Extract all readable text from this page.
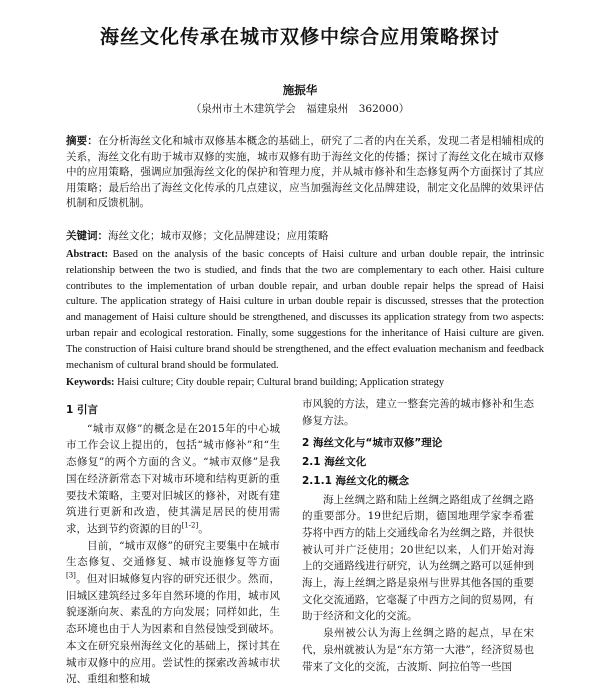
海丝文化传承在城市双修中综合应用策略探讨
施振华
（泉州市土木建筑学会　福建泉州　362000）

摘要：在分析海丝文化和城市双修基本概念的基础上，研究了二者的内在关系，发现二者是相辅相成的关系，海丝文化有助于城市双修的实施，城市双修有助于海丝文化的传播；探讨了海丝文化在城市双修中的应用策略，强调应加强海丝文化的保护和管理力度，并从城市修补和生态修复两个方面探讨了其应用策略；最后给出了海丝文化传承的几点建议，应当加强海丝文化品牌建设，制定文化品牌的效果评估机制和反馈机制。

关键词：海丝文化；城市双修；文化品牌建设；应用策略

Abstract: Based on the analysis of the basic concepts of Haisi culture and urban double repair, the intrinsic relationship between the two is studied, and finds that the two are complementary to each other. Haisi culture contributes to the implementation of urban double repair, and urban double repair helps the spread of Haisi culture. The application strategy of Haisi culture in urban double repair is discussed, stresses that the protection and management of Haisi culture should be strengthened, and discusses its application strategy from two aspects: urban repair and ecological restoration. Finally, some suggestions for the inheritance of Haisi culture are given. The construction of Haisi culture brand should be strengthened, and the effect evaluation mechanism and feedback mechanism of cultural brand should be formulated.

Keywords: Haisi culture; City double repair; Cultural brand building; Application strategy

1 引言

“城市双修”的概念是在2015年的中心城市工作会议上提出的，包括“城市修补”和“生态修复”的两个方面的含义。“城市双修”是我国在经济新常态下对城市环境和结构更新的重要技术策略，主要对旧城区的修补，对既有建筑进行更新和改造，使其满足居民的使用需求，达到节约资源的目的[1-2]。

目前，“城市双修”的研究主要集中在城市生态修复、交通修复、城市设施修复等方面[3]。但对旧城修复内容的研究还很少。然而，旧城区建筑经过多年自然环境的作用，城市风貌逐渐向灰、素乱的方向发展；同样如此，生态环境也由于人为因素和自然侵蚀受到破坏。本文在研究泉州海丝文化的基础上，探讨其在城市双修中的应用。尝试性的探索改善城市状况、重组和整和城

市风貌的方法，建立一整套完善的城市修补和生态修复方法。

2 海丝文化与“城市双修”理论
2.1 海丝文化
2.1.1 海丝文化的概念

海上丝绸之路和陆上丝绸之路组成了丝绸之路的重要部分。19世纪后期，德国地理学家李希霍芬将中西方的陆上交通线命名为丝绸之路，并很快被认可并广泛使用；20世纪以来，人们开始对海上的交通路线进行研究，认为丝绸之路可以延伸到海上，海上丝绸之路是泉州与世界其他各国的重要文化交流通路，它毫凝了中西方之间的贸易网，有助于经济和文化的交流。

泉州被公认为海上丝绸之路的起点，早在宋代，泉州就被认为是“东方第一大港”，经济贸易也带来了文化的交流，古波斯、阿拉伯等一些国
